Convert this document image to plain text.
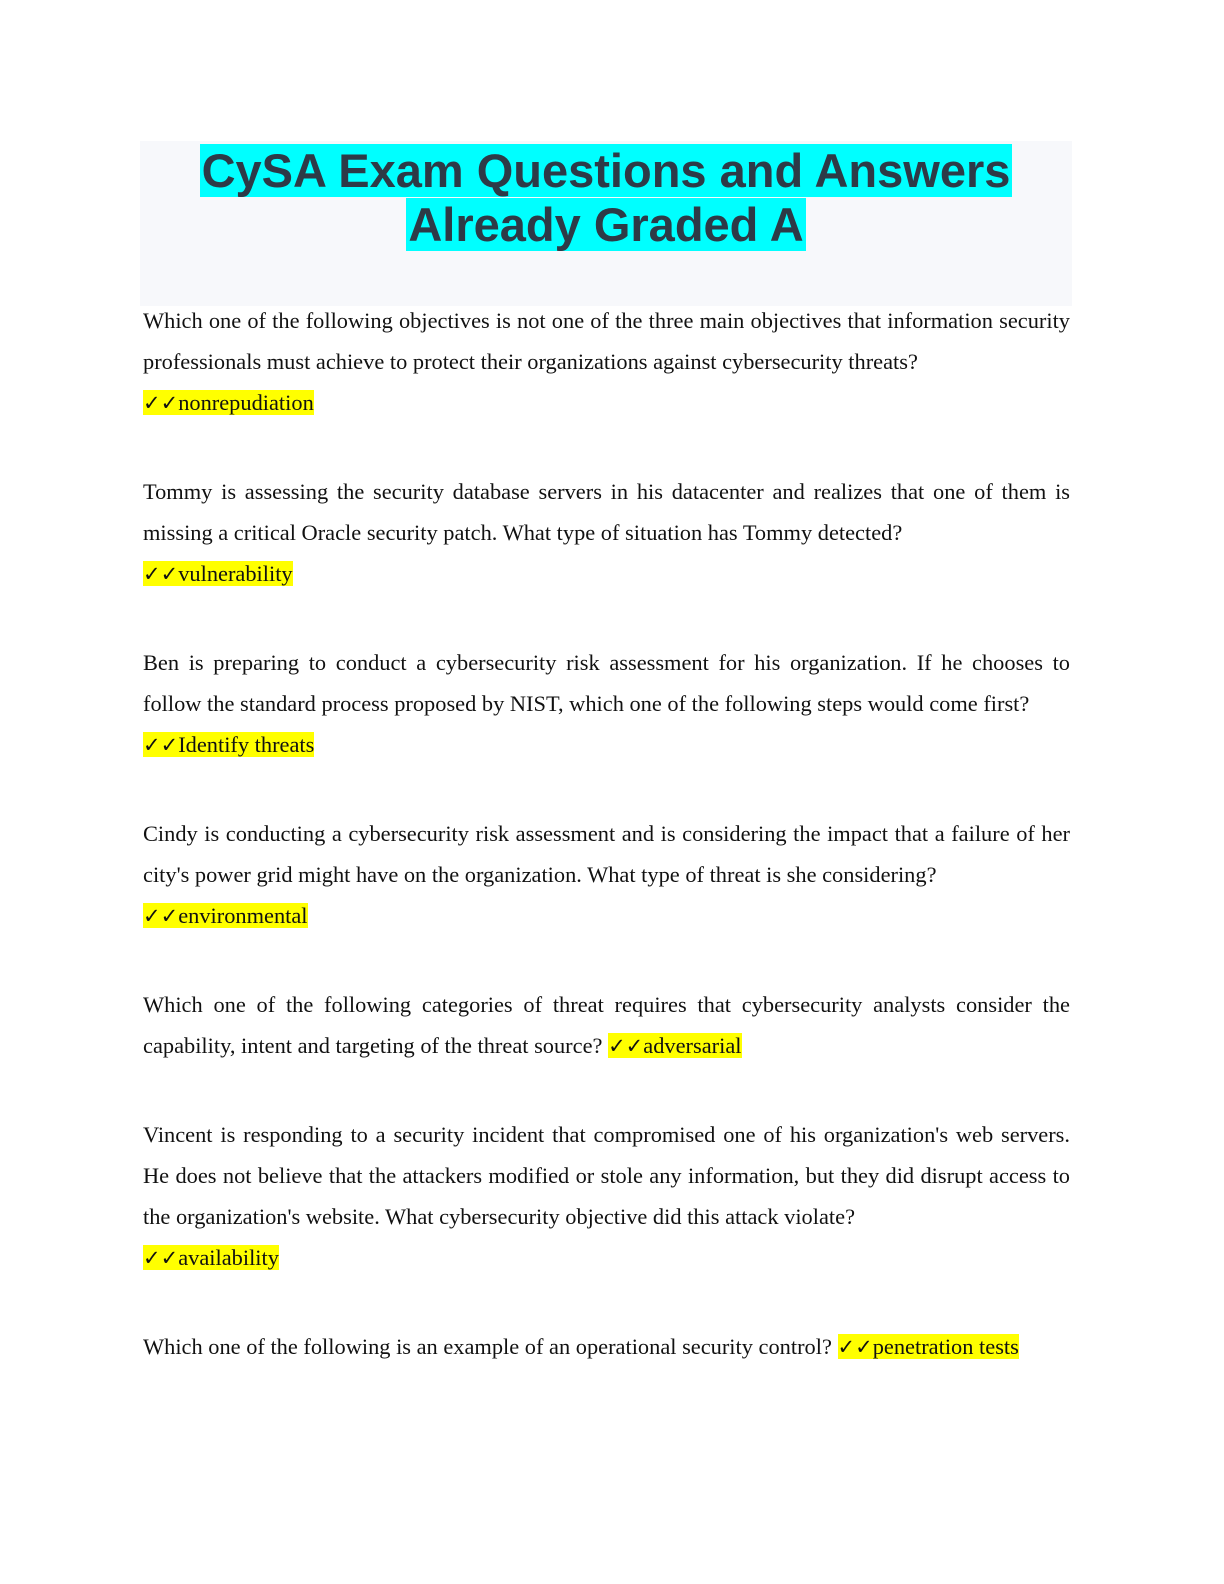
CySA Exam Questions and Answers
Already Graded A

Which one of the following objectives is not one of the three main objectives that information security professionals must achieve to protect their organizations against cybersecurity threats?
✓✓nonrepudiation

Tommy is assessing the security database servers in his datacenter and realizes that one of them is missing a critical Oracle security patch. What type of situation has Tommy detected?
✓✓vulnerability

Ben is preparing to conduct a cybersecurity risk assessment for his organization. If he chooses to follow the standard process proposed by NIST, which one of the following steps would come first?
✓✓Identify threats

Cindy is conducting a cybersecurity risk assessment and is considering the impact that a failure of her city's power grid might have on the organization. What type of threat is she considering?
✓✓environmental

Which one of the following categories of threat requires that cybersecurity analysts consider the capability, intent and targeting of the threat source? ✓✓adversarial

Vincent is responding to a security incident that compromised one of his organization's web servers. He does not believe that the attackers modified or stole any information, but they did disrupt access to the organization's website. What cybersecurity objective did this attack violate?
✓✓availability

Which one of the following is an example of an operational security control? ✓✓penetration tests
